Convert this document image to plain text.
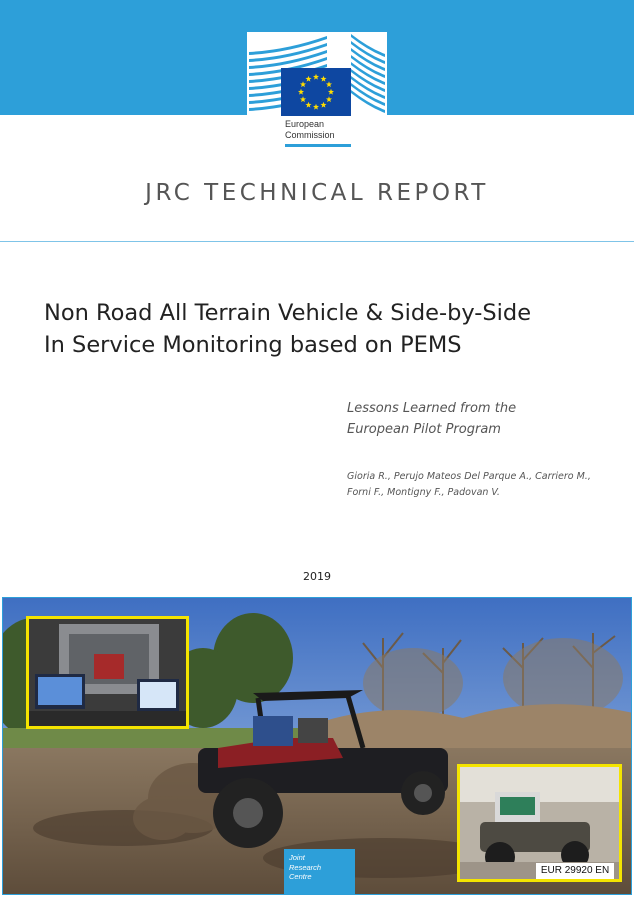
European
Commission
JRC TECHNICAL REPORT
Non Road All Terrain Vehicle & Side-by-Side
In Service Monitoring based on PEMS
Lessons Learned from the
European Pilot Program
Gioria R., Perujo Mateos Del Parque A., Carriero M.,
Forni F., Montigny F., Padovan V.
2019
Joint
Research
Centre
EUR 29920 EN
